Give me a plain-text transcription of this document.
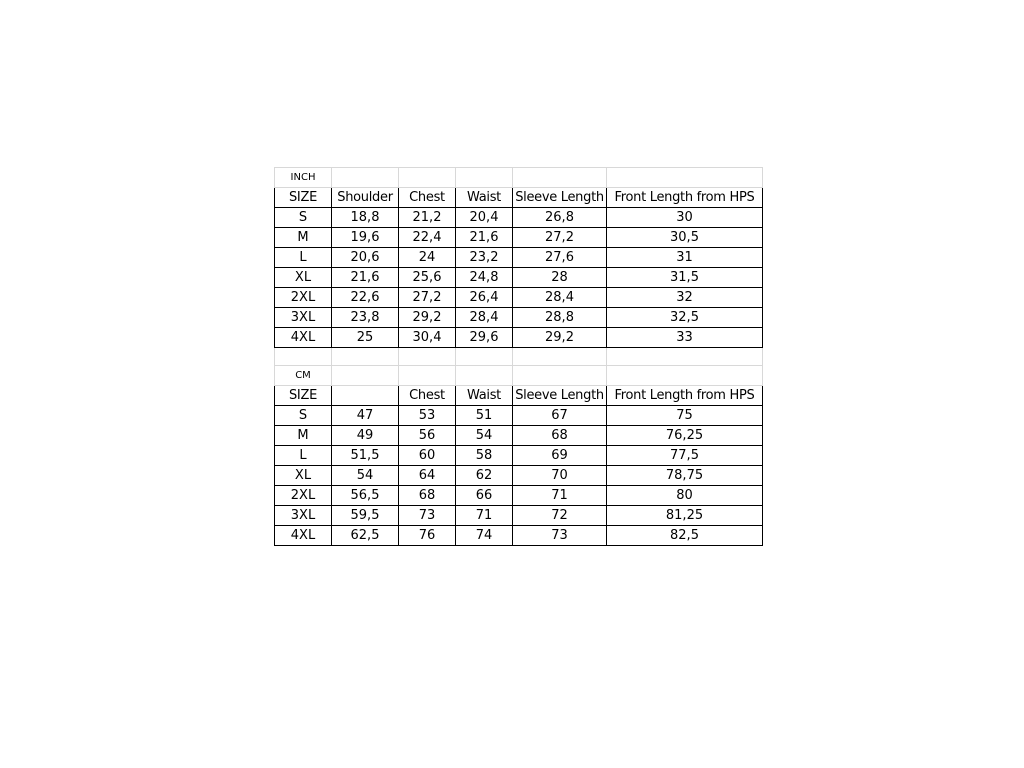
INCH					
SIZE	Shoulder	Chest	Waist	Sleeve Length	Front Length from HPS
S	18,8	21,2	20,4	26,8	30
M	19,6	22,4	21,6	27,2	30,5
L	20,6	24	23,2	27,6	31
XL	21,6	25,6	24,8	28	31,5
2XL	22,6	27,2	26,4	28,4	32
3XL	23,8	29,2	28,4	28,8	32,5
4XL	25	30,4	29,6	29,2	33

CM					
SIZE		Chest	Waist	Sleeve Length	Front Length from HPS
S	47	53	51	67	75
M	49	56	54	68	76,25
L	51,5	60	58	69	77,5
XL	54	64	62	70	78,75
2XL	56,5	68	66	71	80
3XL	59,5	73	71	72	81,25
4XL	62,5	76	74	73	82,5
